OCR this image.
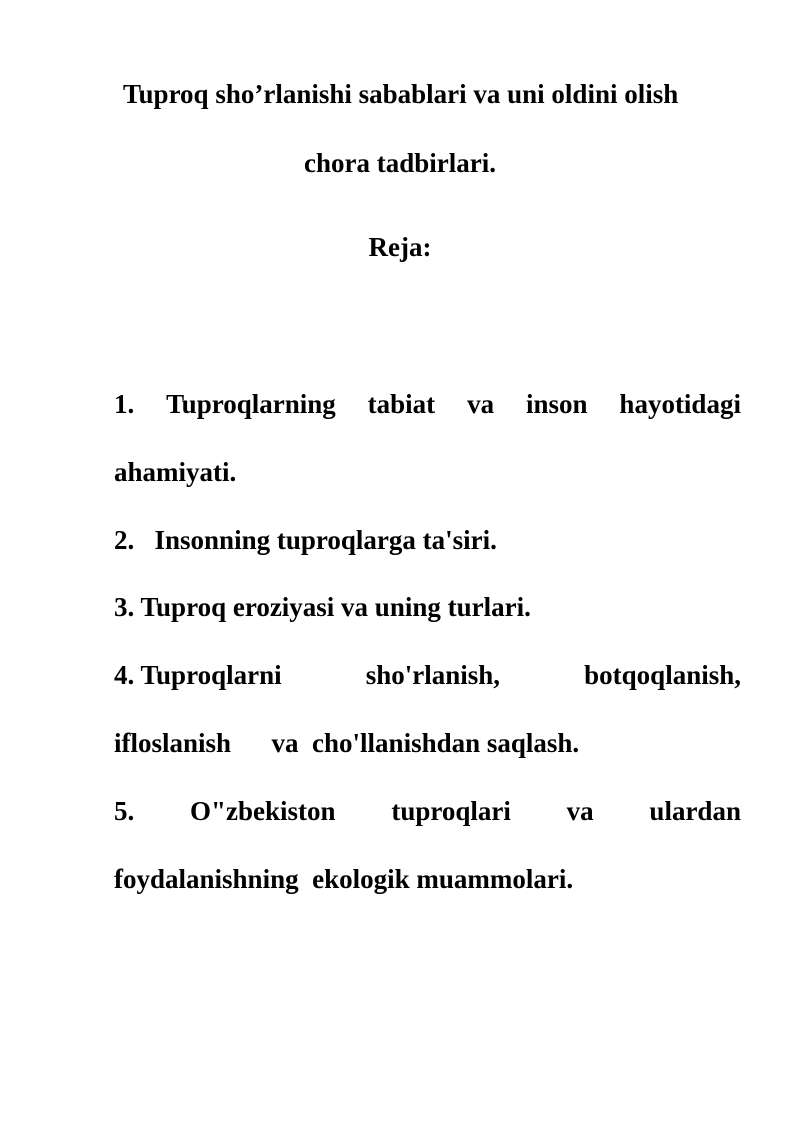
Tuproq sho’rlanishi sabablari va uni oldini olish
chora tadbirlari.
Reja:
1. Tuproqlarning tabiat va inson hayotidagi
ahamiyati.
2.   Insonning tuproqlarga ta'siri.
3. Tuproq eroziyasi va uning turlari.
4. Tuproqlarni	sho'rlanish,	botqoqlanish,
ifloslanish      va  cho'llanishdan saqlash.
5. O"zbekiston tuproqlari va ulardan
foydalanishning  ekologik muammolari.
